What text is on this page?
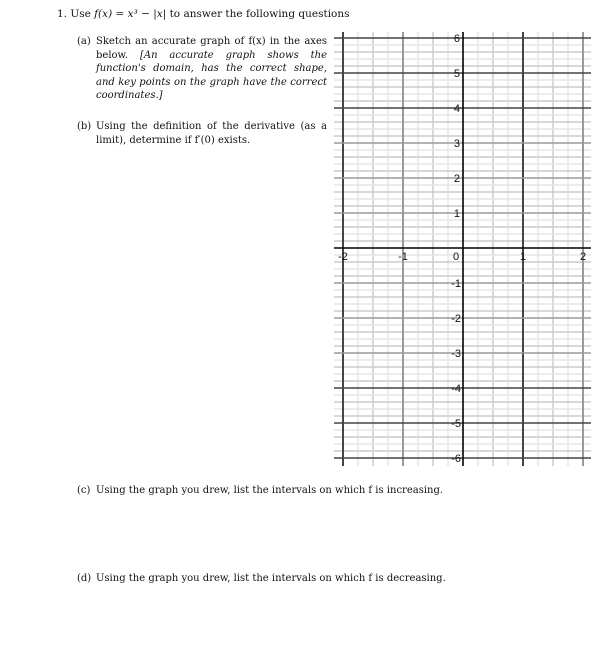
1. Use f(x) = x³ − |x| to answer the following questions
(a) Sketch an accurate graph of f(x) in the axes below. [An accurate graph shows the function's domain, has the correct shape, and key points on the graph have the correct coordinates.]
(b) Using the definition of the derivative (as a limit), determine if f′(0) exists.
-2	-1	0	1	2
6
5
4
3
2
1
-1
-2
-3
-4
-5
-6
(c) Using the graph you drew, list the intervals on which f is increasing.
(d) Using the graph you drew, list the intervals on which f is decreasing.
